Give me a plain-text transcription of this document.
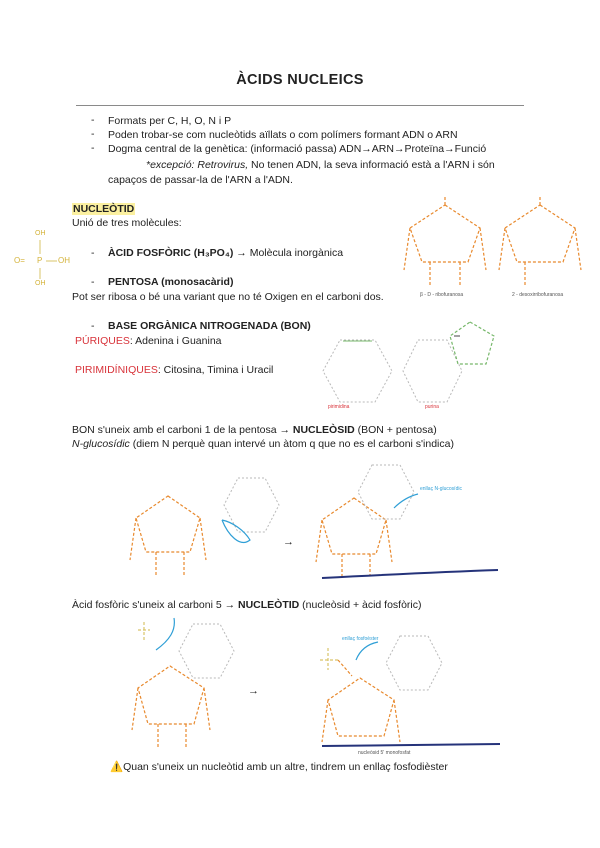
ÀCIDS NUCLEICS
- Formats per C, H, O, N i P
- Poden trobar-se com nucleòtids aïllats o com polímers formant ADN o ARN
- Dogma central de la genètica: (informació passa) ADN→ARN→Proteïna→Funció
*excepció: Retrovirus, No tenen ADN, la seva informació està a l'ARN i són
capaços de passar-la de l'ARN a l'ADN.
OH
O= P OH
OH
NUCLEÒTID
Unió de tres molècules:
- ÀCID FOSFÒRIC (H₃PO₄) → Molècula inorgànica
- PENTOSA (monosacàrid)
Pot ser ribosa o bé una variant que no té Oxigen en el carboni dos.
- BASE ORGÀNICA NITROGENADA (BON)
PÚRIQUES: Adenina i Guanina
PIRIMIDÍNIQUES: Citosina, Timina i Uracil
β - D - ribofuranosa	2 - desoxirribofuranosa
pirimidina	purina
BON s'uneix amb el carboni 1 de la pentosa → NUCLEÒSID (BON + pentosa)
N-glucosídic (diem N perquè quan intervé un àtom q que no es el carboni s'indica)
→
enllaç N-glucosídic
Àcid fosfòric s'uneix al carboni 5 → NUCLEÒTID (nucleòsid + àcid fosfòric)
→
enllaç fosfoèster
nucleòsid 5' monofosfat
⚠️Quan s'uneix un nucleòtid amb un altre, tindrem un enllaç fosfodièster
